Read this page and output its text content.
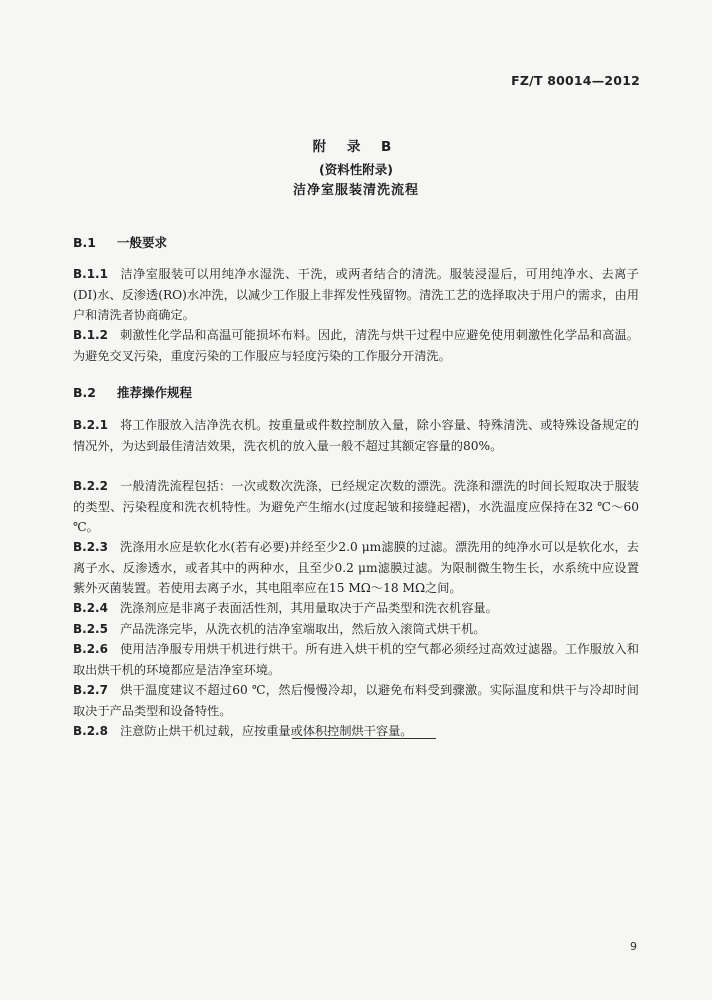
FZ/T 80014—2012
附 录 B
(资料性附录)
洁净室服装清洗流程
B.1 一般要求
B.1.1 洁净室服装可以用纯净水湿洗、干洗，或两者结合的清洗。服装浸湿后，可用纯净水、去离子(DI)水、反渗透(RO)水冲洗，以减少工作服上非挥发性残留物。清洗工艺的选择取决于用户的需求，由用户和清洗者协商确定。
B.1.2 刺激性化学品和高温可能损坏布料。因此，清洗与烘干过程中应避免使用刺激性化学品和高温。为避免交叉污染，重度污染的工作服应与轻度污染的工作服分开清洗。
B.2 推荐操作规程
B.2.1 将工作服放入洁净洗衣机。按重量或件数控制放入量，除小容量、特殊清洗、或特殊设备规定的情况外，为达到最佳清洁效果，洗衣机的放入量一般不超过其额定容量的80%。
B.2.2 一般清洗流程包括：一次或数次洗涤，已经规定次数的漂洗。洗涤和漂洗的时间长短取决于服装的类型、污染程度和洗衣机特性。为避免产生缩水(过度起皱和接缝起褶)，水洗温度应保持在32 ℃～60 ℃。
B.2.3 洗涤用水应是软化水(若有必要)并经至少2.0 μm滤膜的过滤。漂洗用的纯净水可以是软化水，去离子水、反渗透水，或者其中的两种水，且至少0.2 μm滤膜过滤。为限制微生物生长，水系统中应设置紫外灭菌装置。若使用去离子水，其电阻率应在15 MΩ～18 MΩ之间。
B.2.4 洗涤剂应是非离子表面活性剂，其用量取决于产品类型和洗衣机容量。
B.2.5 产品洗涤完毕，从洗衣机的洁净室端取出，然后放入滚筒式烘干机。
B.2.6 使用洁净服专用烘干机进行烘干。所有进入烘干机的空气都必须经过高效过滤器。工作服放入和取出烘干机的环境都应是洁净室环境。
B.2.7 烘干温度建议不超过60 ℃，然后慢慢冷却，以避免布料受到骤激。实际温度和烘干与冷却时间取决于产品类型和设备特性。
B.2.8 注意防止烘干机过载，应按重量或体积控制烘干容量。
9
